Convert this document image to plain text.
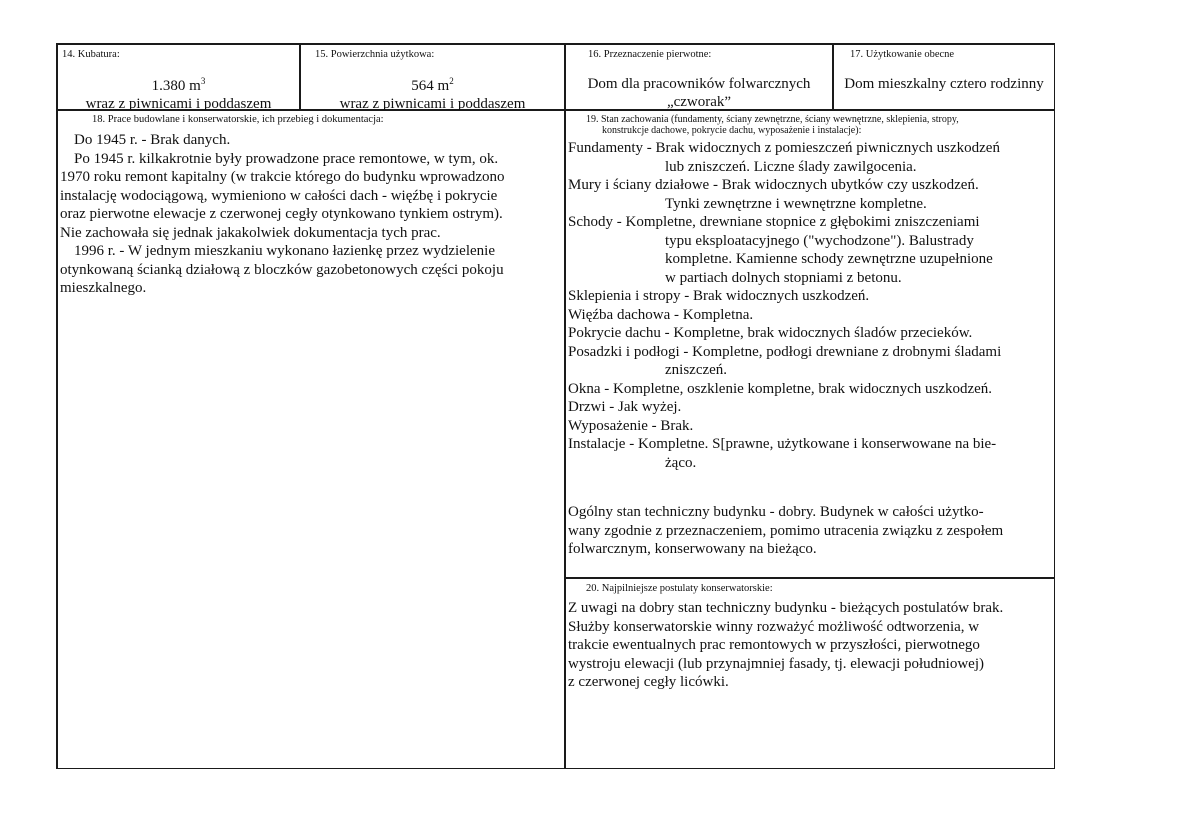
14. Kubatura:
1.380 $m^3$
wraz z piwnicami i poddaszem
15. Powierzchnia użytkowa:
564 $m^2$
wraz z piwnicami i poddaszem
16. Przeznaczenie pierwotne:
Dom dla pracowników folwarcznych
„czworak”
17. Użytkowanie obecne
Dom mieszkalny cztero rodzinny
18. Prace budowlane i konserwatorskie, ich przebieg i dokumentacja:

Do 1945 r. - Brak danych.

Po 1945 r. kilkakrotnie były prowadzone prace remontowe, w tym, ok.

1970 roku remont kapitalny (w trakcie którego do budynku wprowadzono

instalację wodociągową, wymieniono w całości dach - więźbę i pokrycie

oraz pierwotne elewacje z czerwonej cegły otynkowano tynkiem ostrym).

Nie zachowała się jednak jakakolwiek dokumentacja tych prac.

1996 r. - W jednym mieszkaniu wykonano łazienkę przez wydzielenie

otynkowaną ścianką działową z bloczków gazobetonowych części pokoju

mieszkalnego.

19. Stan zachowania (fundamenty, ściany zewnętrzne, ściany wewnętrzne, sklepienia, stropy,
konstrukcje dachowe, pokrycie dachu, wyposażenie i instalacje):

Fundamenty - Brak widocznych z pomieszczeń piwnicznych uszkodzeń

lub zniszczeń. Liczne ślady zawilgocenia.

Mury i ściany działowe - Brak widocznych ubytków czy uszkodzeń.

Tynki zewnętrzne i wewnętrzne kompletne.

Schody - Kompletne, drewniane stopnice z głębokimi zniszczeniami

typu eksploatacyjnego ("wychodzone"). Balustrady

kompletne. Kamienne schody zewnętrzne uzupełnione

w partiach dolnych stopniami z betonu.

Sklepienia i stropy - Brak widocznych uszkodzeń.

Więźba dachowa - Kompletna.

Pokrycie dachu - Kompletne, brak widocznych śladów przecieków.

Posadzki i podłogi - Kompletne, podłogi drewniane z drobnymi śladami

zniszczeń.

Okna - Kompletne, oszklenie kompletne, brak widocznych uszkodzeń.

Drzwi - Jak wyżej.

Wyposażenie - Brak.

Instalacje - Kompletne. S[prawne, użytkowane i konserwowane na bie-

żąco.

Ogólny stan techniczny budynku - dobry. Budynek w całości użytko-

wany zgodnie z przeznaczeniem, pomimo utracenia związku z zespołem

folwarcznym, konserwowany na bieżąco.

20. Najpilniejsze postulaty konserwatorskie:

Z uwagi na dobry stan techniczny budynku - bieżących postulatów brak.

Służby konserwatorskie winny rozważyć możliwość odtworzenia, w

trakcie ewentualnych prac remontowych w przyszłości, pierwotnego

wystroju elewacji (lub przynajmniej fasady, tj. elewacji południowej)

z czerwonej cegły licówki.
